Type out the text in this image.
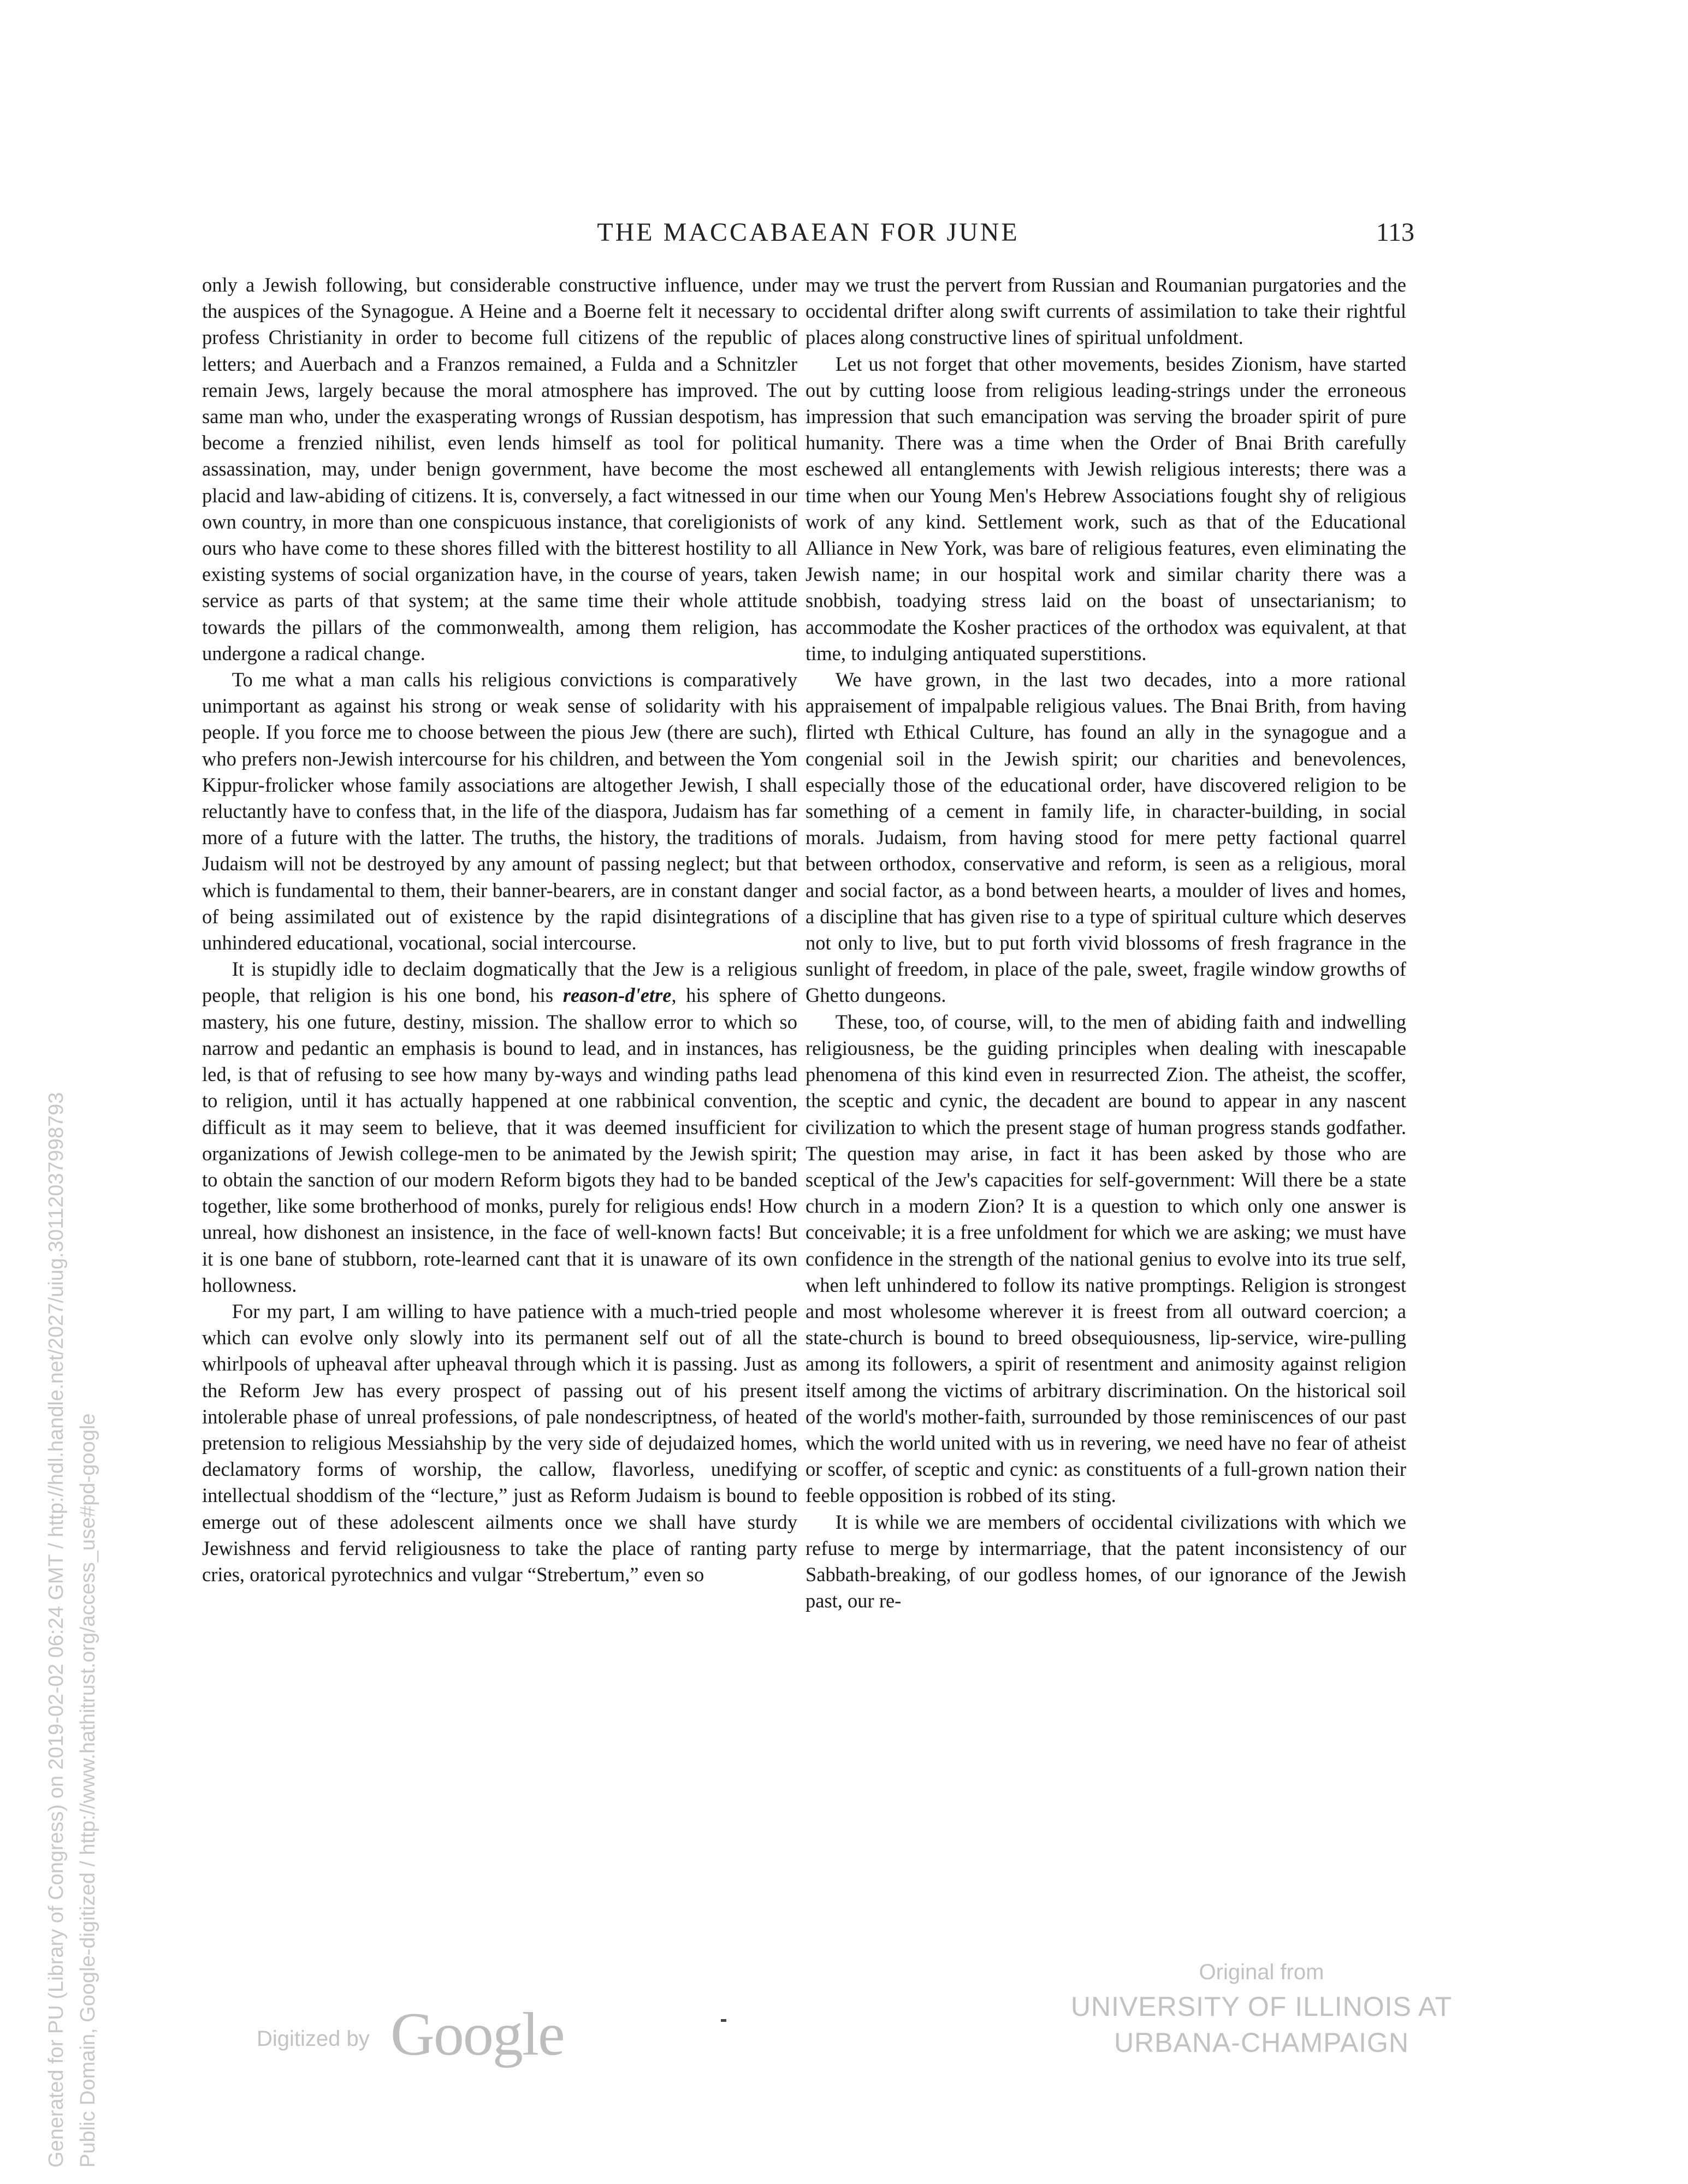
THE MACCABAEAN FOR JUNE	113

only a Jewish following, but considerable constructive influence, under the auspices of the Synagogue. A Heine and a Boerne felt it necessary to profess Christianity in order to become full citizens of the republic of letters; and Auerbach and a Franzos remained, a Fulda and a Schnitzler remain Jews, largely because the moral atmosphere has improved. The same man who, under the exasperating wrongs of Russian despotism, has become a frenzied nihilist, even lends himself as tool for political assassination, may, under benign government, have become the most placid and law-abiding of citizens. It is, conversely, a fact witnessed in our own country, in more than one conspicuous instance, that coreligionists of ours who have come to these shores filled with the bitterest hostility to all existing systems of social organization have, in the course of years, taken service as parts of that system; at the same time their whole attitude towards the pillars of the commonwealth, among them religion, has undergone a radical change.

To me what a man calls his religious convictions is comparatively unimportant as against his strong or weak sense of solidarity with his people. If you force me to choose between the pious Jew (there are such), who prefers non-Jewish intercourse for his children, and between the Yom Kippur-frolicker whose family associations are altogether Jewish, I shall reluctantly have to confess that, in the life of the diaspora, Judaism has far more of a future with the latter. The truths, the history, the traditions of Judaism will not be destroyed by any amount of passing neglect; but that which is fundamental to them, their banner-bearers, are in constant danger of being assimilated out of existence by the rapid disintegrations of unhindered educational, vocational, social intercourse.

It is stupidly idle to declaim dogmatically that the Jew is a religious people, that religion is his one bond, his reason-d'etre, his sphere of mastery, his one future, destiny, mission. The shallow error to which so narrow and pedantic an emphasis is bound to lead, and in instances, has led, is that of refusing to see how many by-ways and winding paths lead to religion, until it has actually happened at one rabbinical convention, difficult as it may seem to believe, that it was deemed insufficient for organizations of Jewish college-men to be animated by the Jewish spirit; to obtain the sanction of our modern Reform bigots they had to be banded together, like some brotherhood of monks, purely for religious ends! How unreal, how dishonest an insistence, in the face of well-known facts! But it is one bane of stubborn, rote-learned cant that it is unaware of its own hollowness.

For my part, I am willing to have patience with a much-tried people which can evolve only slowly into its permanent self out of all the whirlpools of upheaval after upheaval through which it is passing. Just as the Reform Jew has every prospect of passing out of his present intolerable phase of unreal professions, of pale nondescriptness, of heated pretension to religious Messiahship by the very side of dejudaized homes, declamatory forms of worship, the callow, flavorless, unedifying intellectual shoddism of the “lecture,” just as Reform Judaism is bound to emerge out of these adolescent ailments once we shall have sturdy Jewishness and fervid religiousness to take the place of ranting party cries, oratorical pyrotechnics and vulgar “Strebertum,” even so

may we trust the pervert from Russian and Roumanian purgatories and the occidental drifter along swift currents of assimilation to take their rightful places along constructive lines of spiritual unfoldment.

Let us not forget that other movements, besides Zionism, have started out by cutting loose from religious leading-strings under the erroneous impression that such emancipation was serving the broader spirit of pure humanity. There was a time when the Order of Bnai Brith carefully eschewed all entanglements with Jewish religious interests; there was a time when our Young Men's Hebrew Associations fought shy of religious work of any kind. Settlement work, such as that of the Educational Alliance in New York, was bare of religious features, even eliminating the Jewish name; in our hospital work and similar charity there was a snobbish, toadying stress laid on the boast of unsectarianism; to accommodate the Kosher practices of the orthodox was equivalent, at that time, to indulging antiquated superstitions.

We have grown, in the last two decades, into a more rational appraisement of impalpable religious values. The Bnai Brith, from having flirted wth Ethical Culture, has found an ally in the synagogue and a congenial soil in the Jewish spirit; our charities and benevolences, especially those of the educational order, have discovered religion to be something of a cement in family life, in character-building, in social morals. Judaism, from having stood for mere petty factional quarrel between orthodox, conservative and reform, is seen as a religious, moral and social factor, as a bond between hearts, a moulder of lives and homes, a discipline that has given rise to a type of spiritual culture which deserves not only to live, but to put forth vivid blossoms of fresh fragrance in the sunlight of freedom, in place of the pale, sweet, fragile window growths of Ghetto dungeons.

These, too, of course, will, to the men of abiding faith and indwelling religiousness, be the guiding principles when dealing with inescapable phenomena of this kind even in resurrected Zion. The atheist, the scoffer, the sceptic and cynic, the decadent are bound to appear in any nascent civilization to which the present stage of human progress stands godfather. The question may arise, in fact it has been asked by those who are sceptical of the Jew's capacities for self-government: Will there be a state church in a modern Zion? It is a question to which only one answer is conceivable; it is a free unfoldment for which we are asking; we must have confidence in the strength of the national genius to evolve into its true self, when left unhindered to follow its native promptings. Religion is strongest and most wholesome wherever it is freest from all outward coercion; a state-church is bound to breed obsequiousness, lip-service, wire-pulling among its followers, a spirit of resentment and animosity against religion itself among the victims of arbitrary discrimination. On the historical soil of the world's mother-faith, surrounded by those reminiscences of our past which the world united with us in revering, we need have no fear of atheist or scoffer, of sceptic and cynic: as constituents of a full-grown nation their feeble opposition is robbed of its sting.

It is while we are members of occidental civilizations with which we refuse to merge by intermarriage, that the patent inconsistency of our Sabbath-breaking, of our godless homes, of our ignorance of the Jewish past, our re-

Generated for PU (Library of Congress) on 2019-02-02 06:24 GMT / http://hdl.handle.net/2027/uiug.30112037998793 Public Domain, Google-digitized / http://www.hathitrust.org/access_use#pd-google	Digitized by Google
Original from
UNIVERSITY OF ILLINOIS AT
URBANA-CHAMPAIGN
